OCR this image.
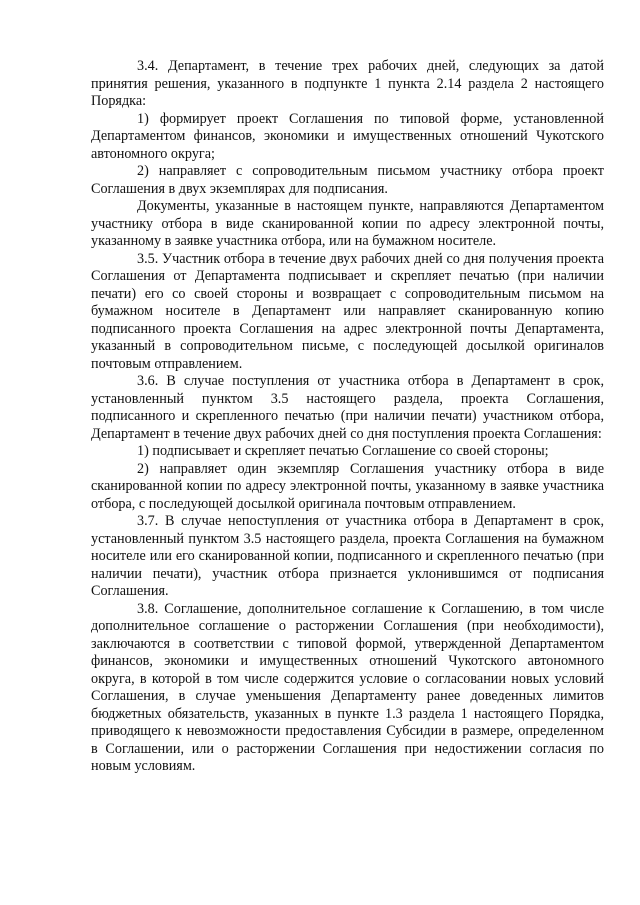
3.4. Департамент, в течение трех рабочих дней, следующих за датой принятия решения, указанного в подпункте 1 пункта 2.14 раздела 2 настоящего Порядка:

1) формирует проект Соглашения по типовой форме, установленной Департаментом финансов, экономики и имущественных отношений Чукотского автономного округа;

2) направляет с сопроводительным письмом участнику отбора проект Соглашения в двух экземплярах для подписания.

Документы, указанные в настоящем пункте, направляются Департаментом участнику отбора в виде сканированной копии по адресу электронной почты, указанному в заявке участника отбора, или на бумажном носителе.

3.5. Участник отбора в течение двух рабочих дней со дня получения проекта Соглашения от Департамента подписывает и скрепляет печатью (при наличии печати) его со своей стороны и возвращает с сопроводительным письмом на бумажном носителе в Департамент или направляет сканированную копию подписанного проекта Соглашения на адрес электронной почты Департамента, указанный в сопроводительном письме, с последующей досылкой оригиналов почтовым отправлением.

3.6. В случае поступления от участника отбора в Департамент в срок, установленный пунктом 3.5 настоящего раздела, проекта Соглашения, подписанного и скрепленного печатью (при наличии печати) участником отбора, Департамент в течение двух рабочих дней со дня поступления проекта Соглашения:

1) подписывает и скрепляет печатью Соглашение со своей стороны;

2) направляет один экземпляр Соглашения участнику отбора в виде сканированной копии по адресу электронной почты, указанному в заявке участника отбора, с последующей досылкой оригинала почтовым отправлением.

3.7. В случае непоступления от участника отбора в Департамент в срок, установленный пунктом 3.5 настоящего раздела, проекта Соглашения на бумажном носителе или его сканированной копии, подписанного и скрепленного печатью (при наличии печати), участник отбора признается уклонившимся от подписания Соглашения.

3.8. Соглашение, дополнительное соглашение к Соглашению, в том числе дополнительное соглашение о расторжении Соглашения (при необходимости), заключаются в соответствии с типовой формой, утвержденной Департаментом финансов, экономики и имущественных отношений Чукотского автономного округа, в которой в том числе содержится условие о согласовании новых условий Соглашения, в случае уменьшения Департаменту ранее доведенных лимитов бюджетных обязательств, указанных в пункте 1.3 раздела 1 настоящего Порядка, приводящего к невозможности предоставления Субсидии в размере, определенном в Соглашении, или о расторжении Соглашения при недостижении согласия по новым условиям.
